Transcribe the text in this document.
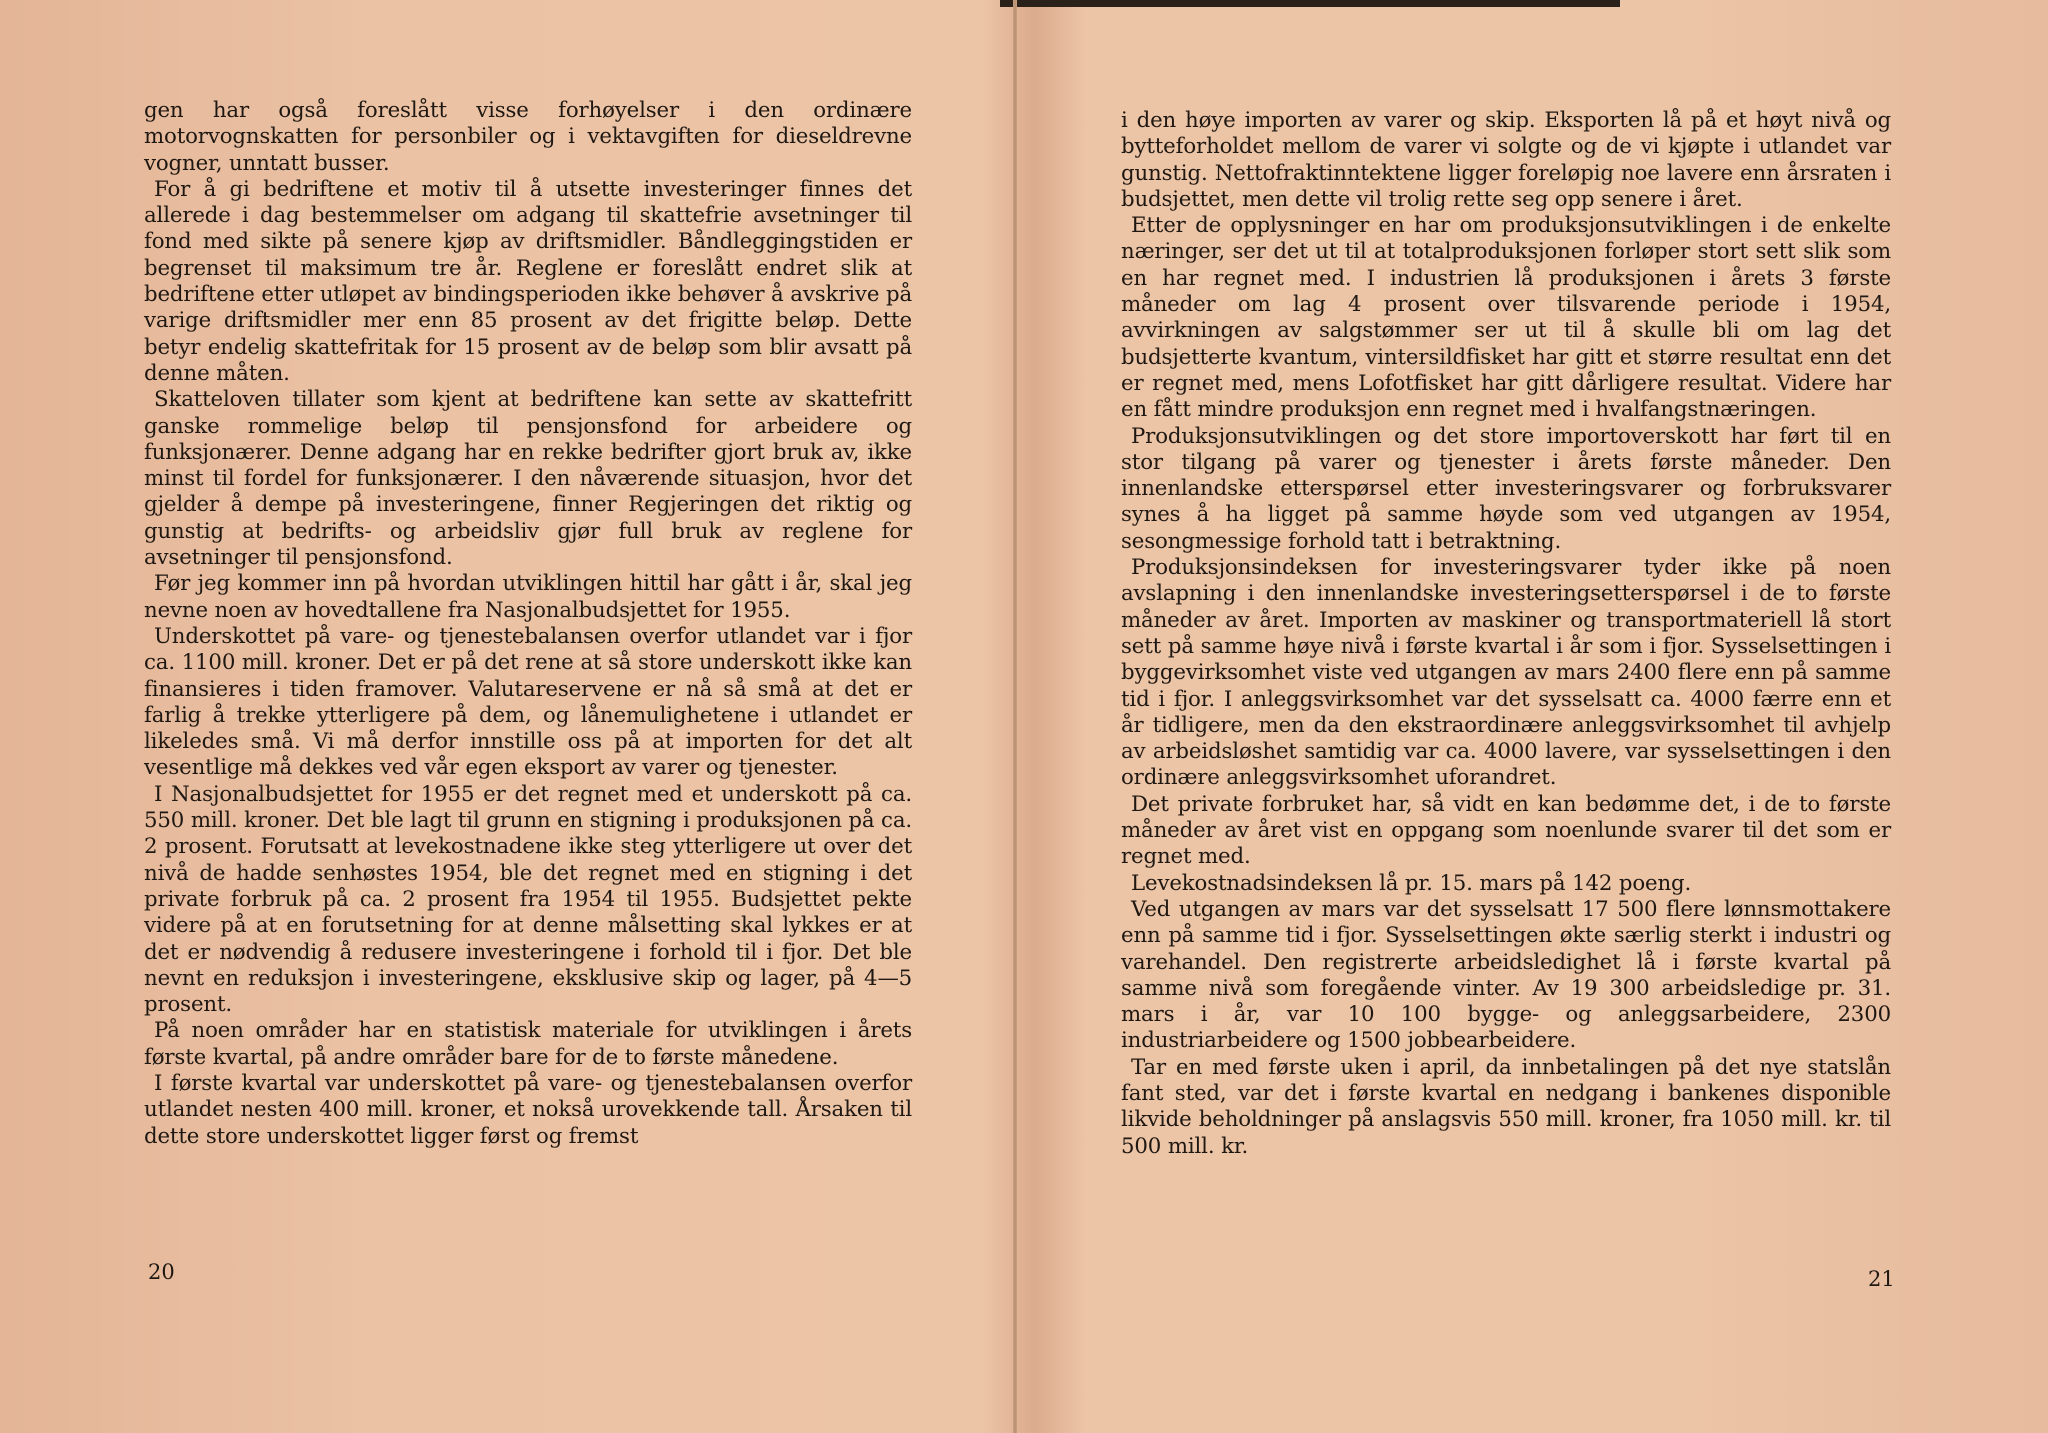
gen har også foreslått visse forhøyelser i den ordinære motorvognskatten for personbiler og i vektavgiften for dieseldrevne vogner, unntatt busser.

For å gi bedriftene et motiv til å utsette investeringer finnes det allerede i dag bestemmelser om adgang til skattefrie avsetninger til fond med sikte på senere kjøp av driftsmidler. Båndleggingstiden er begrenset til maksimum tre år. Reglene er foreslått endret slik at bedriftene etter utløpet av bindingsperioden ikke behøver å avskrive på varige driftsmidler mer enn 85 prosent av det frigitte beløp. Dette betyr endelig skattefritak for 15 prosent av de beløp som blir avsatt på denne måten.

Skatteloven tillater som kjent at bedriftene kan sette av skattefritt ganske rommelige beløp til pensjonsfond for arbeidere og funksjonærer. Denne adgang har en rekke bedrifter gjort bruk av, ikke minst til fordel for funksjonærer. I den nåværende situasjon, hvor det gjelder å dempe på investeringene, finner Regjeringen det riktig og gunstig at bedrifts- og arbeidsliv gjør full bruk av reglene for avsetninger til pensjonsfond.

Før jeg kommer inn på hvordan utviklingen hittil har gått i år, skal jeg nevne noen av hovedtallene fra Nasjonalbudsjettet for 1955.

Underskottet på vare- og tjenestebalansen overfor utlandet var i fjor ca. 1100 mill. kroner. Det er på det rene at så store underskott ikke kan finansieres i tiden framover. Valutareservene er nå så små at det er farlig å trekke ytterligere på dem, og lånemulighetene i utlandet er likeledes små. Vi må derfor innstille oss på at importen for det alt vesentlige må dekkes ved vår egen eksport av varer og tjenester.

I Nasjonalbudsjettet for 1955 er det regnet med et underskott på ca. 550 mill. kroner. Det ble lagt til grunn en stigning i produksjonen på ca. 2 prosent. Forutsatt at levekostnadene ikke steg ytterligere ut over det nivå de hadde senhøstes 1954, ble det regnet med en stigning i det private forbruk på ca. 2 prosent fra 1954 til 1955. Budsjettet pekte videre på at en forutsetning for at denne målsetting skal lykkes er at det er nødvendig å redusere investeringene i forhold til i fjor. Det ble nevnt en reduksjon i investeringene, eksklusive skip og lager, på 4—5 prosent.

På noen områder har en statistisk materiale for utviklingen i årets første kvartal, på andre områder bare for de to første månedene.

I første kvartal var underskottet på vare- og tjenestebalansen overfor utlandet nesten 400 mill. kroner, et nokså urovekkende tall. Årsaken til dette store underskottet ligger først og fremst

20

i den høye importen av varer og skip. Eksporten lå på et høyt nivå og bytteforholdet mellom de varer vi solgte og de vi kjøpte i utlandet var gunstig. Nettofraktinntektene ligger foreløpig noe lavere enn årsraten i budsjettet, men dette vil trolig rette seg opp senere i året.

Etter de opplysninger en har om produksjonsutviklingen i de enkelte næringer, ser det ut til at totalproduksjonen forløper stort sett slik som en har regnet med. I industrien lå produksjonen i årets 3 første måneder om lag 4 prosent over tilsvarende periode i 1954, avvirkningen av salgstømmer ser ut til å skulle bli om lag det budsjetterte kvantum, vintersildfisket har gitt et større resultat enn det er regnet med, mens Lofotfisket har gitt dårligere resultat. Videre har en fått mindre produksjon enn regnet med i hvalfangstnæringen.

Produksjonsutviklingen og det store importoverskott har ført til en stor tilgang på varer og tjenester i årets første måneder. Den innenlandske etterspørsel etter investeringsvarer og forbruksvarer synes å ha ligget på samme høyde som ved utgangen av 1954, sesongmessige forhold tatt i betraktning.

Produksjonsindeksen for investeringsvarer tyder ikke på noen avslapning i den innenlandske investeringsetterspørsel i de to første måneder av året. Importen av maskiner og transportmateriell lå stort sett på samme høye nivå i første kvartal i år som i fjor. Sysselsettingen i byggevirksomhet viste ved utgangen av mars 2400 flere enn på samme tid i fjor. I anleggsvirksomhet var det sysselsatt ca. 4000 færre enn et år tidligere, men da den ekstraordinære anleggsvirksomhet til avhjelp av arbeidsløshet samtidig var ca. 4000 lavere, var sysselsettingen i den ordinære anleggsvirksomhet uforandret.

Det private forbruket har, så vidt en kan bedømme det, i de to første måneder av året vist en oppgang som noenlunde svarer til det som er regnet med.

Levekostnadsindeksen lå pr. 15. mars på 142 poeng.

Ved utgangen av mars var det sysselsatt 17 500 flere lønnsmottakere enn på samme tid i fjor. Sysselsettingen økte særlig sterkt i industri og varehandel. Den registrerte arbeidsledighet lå i første kvartal på samme nivå som foregående vinter. Av 19 300 arbeidsledige pr. 31. mars i år, var 10 100 bygge- og anleggsarbeidere, 2300 industriarbeidere og 1500 jobbearbeidere.

Tar en med første uken i april, da innbetalingen på det nye statslån fant sted, var det i første kvartal en nedgang i bankenes disponible likvide beholdninger på anslagsvis 550 mill. kroner, fra 1050 mill. kr. til 500 mill. kr.

21
